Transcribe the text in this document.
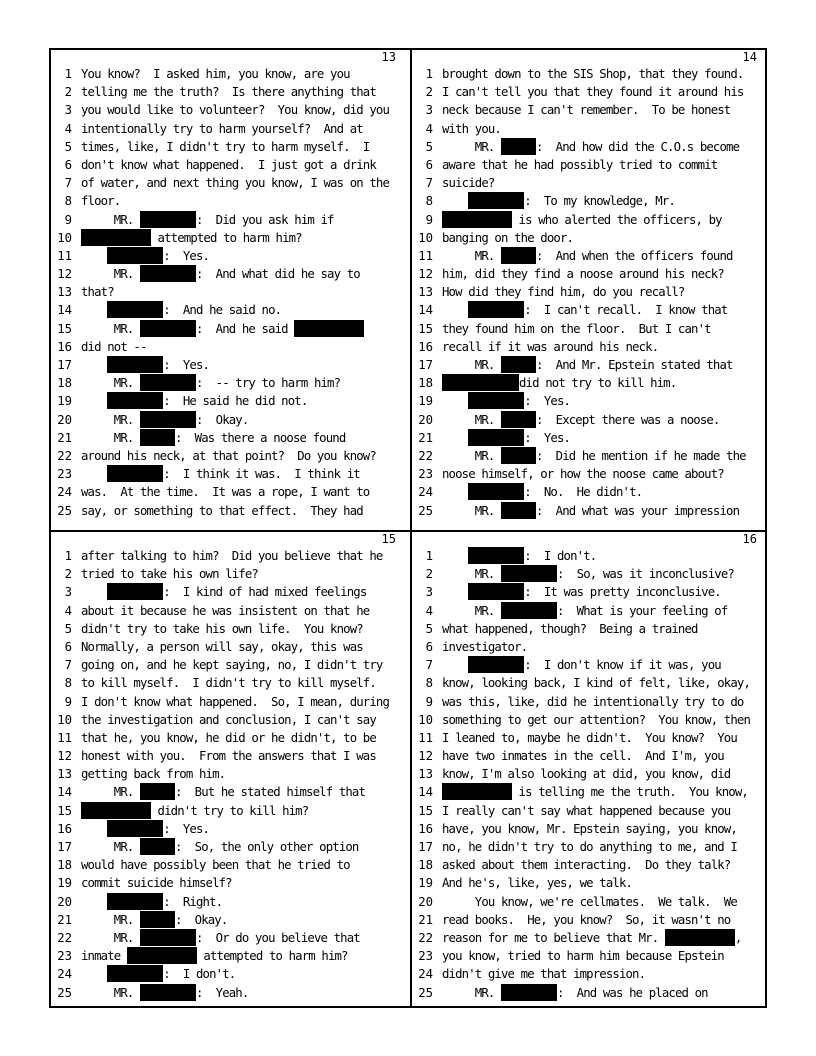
13
1 You know?  I asked him, you know, are you
2 telling me the truth?  Is there anything that
3 you would like to volunteer?  You know, did you
4 intentionally try to harm yourself?  And at
5 times, like, I didn't try to harm myself.  I
6 don't know what happened.  I just got a drink
7 of water, and next thing you know, I was on the
8 floor.
9 MR.	:  Did you ask him if
10	attempted to harm him?
11	:  Yes.
12 MR.	:  And what did he say to
13 that?
14	:  And he said no.
15 MR.	:  And he said
16 did not --
17	:  Yes.
18 MR.	:  -- try to harm him?
19	:  He said he did not.
20 MR.	:  Okay.
21 MR.	:  Was there a noose found
22 around his neck, at that point?  Do you know?
23	:  I think it was.  I think it
24 was.  At the time.  It was a rope, I want to
25 say, or something to that effect.  They had
14
1 brought down to the SIS Shop, that they found.
2 I can't tell you that they found it around his
3 neck because I can't remember.  To be honest
4 with you.
5 MR.	:  And how did the C.O.s become
6 aware that he had possibly tried to commit
7 suicide?
8	:  To my knowledge, Mr.
9	is who alerted the officers, by
10 banging on the door.
11 MR.	:  And when the officers found
12 him, did they find a noose around his neck?
13 How did they find him, do you recall?
14	:  I can't recall.  I know that
15 they found him on the floor.  But I can't
16 recall if it was around his neck.
17 MR.	:  And Mr. Epstein stated that
18	did not try to kill him.
19	:  Yes.
20 MR.	:  Except there was a noose.
21	:  Yes.
22 MR.	:  Did he mention if he made the
23 noose himself, or how the noose came about?
24	:  No.  He didn't.
25 MR.	:  And what was your impression
15
1 after talking to him?  Did you believe that he
2 tried to take his own life?
3	:  I kind of had mixed feelings
4 about it because he was insistent on that he
5 didn't try to take his own life.  You know?
6 Normally, a person will say, okay, this was
7 going on, and he kept saying, no, I didn't try
8 to kill myself.  I didn't try to kill myself.
9 I don't know what happened.  So, I mean, during
10 the investigation and conclusion, I can't say
11 that he, you know, he did or he didn't, to be
12 honest with you.  From the answers that I was
13 getting back from him.
14 MR.	:  But he stated himself that
15	didn't try to kill him?
16	:  Yes.
17 MR.	:  So, the only other option
18 would have possibly been that he tried to
19 commit suicide himself?
20	:  Right.
21 MR.	:  Okay.
22 MR.	:  Or do you believe that
23 inmate	attempted to harm him?
24	:  I don't.
25 MR.	:  Yeah.
16
1	:  I don't.
2 MR.	:  So, was it inconclusive?
3	:  It was pretty inconclusive.
4 MR.	:  What is your feeling of
5 what happened, though?  Being a trained
6 investigator.
7	:  I don't know if it was, you
8 know, looking back, I kind of felt, like, okay,
9 was this, like, did he intentionally try to do
10 something to get our attention?  You know, then
11 I leaned to, maybe he didn't.  You know?  You
12 have two inmates in the cell.  And I'm, you
13 know, I'm also looking at did, you know, did
14	is telling me the truth.  You know,
15 I really can't say what happened because you
16 have, you know, Mr. Epstein saying, you know,
17 no, he didn't try to do anything to me, and I
18 asked about them interacting.  Do they talk?
19 And he's, like, yes, we talk.
20 You know, we're cellmates.  We talk.  We
21 read books.  He, you know?  So, it wasn't no
22 reason for me to believe that Mr.	,
23 you know, tried to harm him because Epstein
24 didn't give me that impression.
25 MR.	:  And was he placed on
